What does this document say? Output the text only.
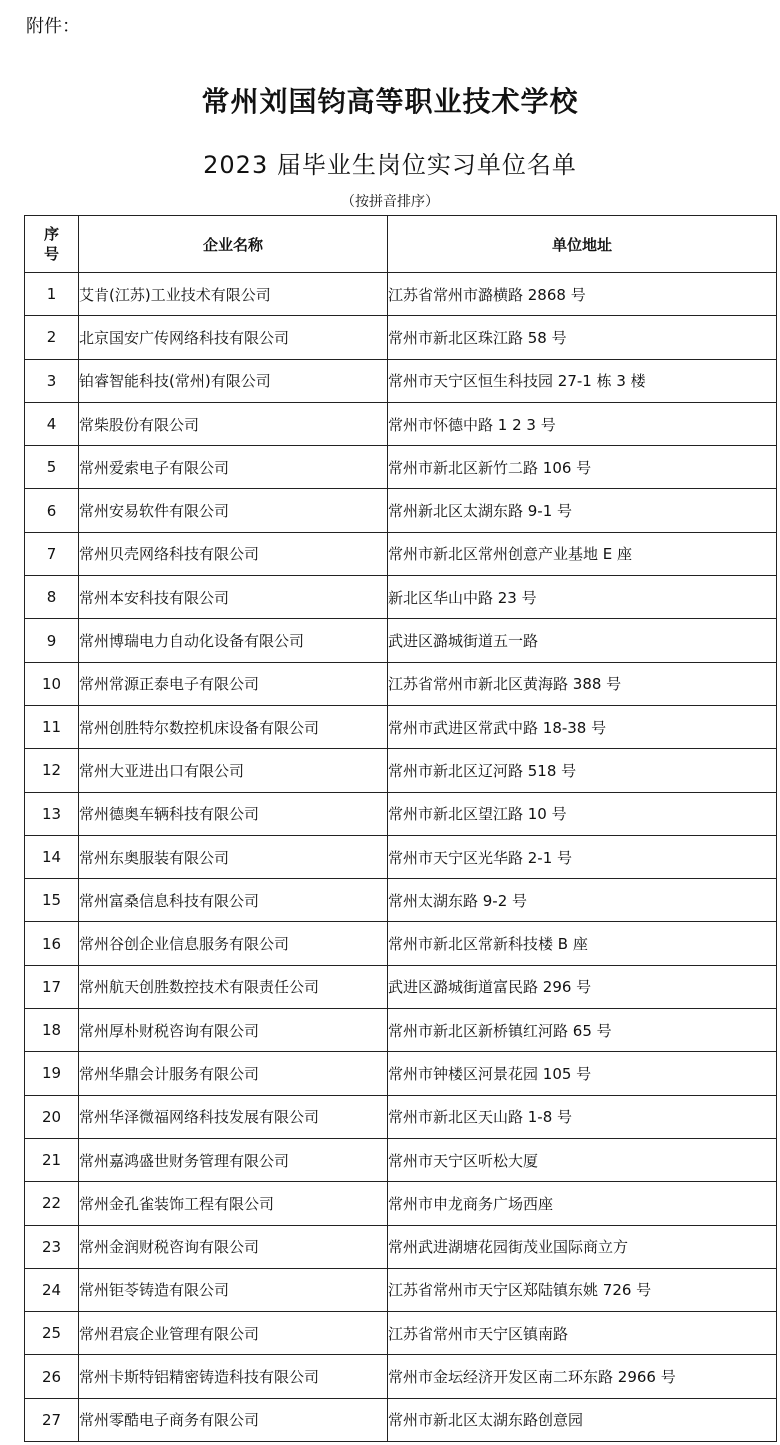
附件：
常州刘国钧高等职业技术学校
2023 届毕业生岗位实习单位名单
（按拼音排序）
序
号	企业名称	单位地址
1	艾肯(江苏)工业技术有限公司	江苏省常州市潞横路 2868 号
2	北京国安广传网络科技有限公司	常州市新北区珠江路 58 号
3	铂睿智能科技(常州)有限公司	常州市天宁区恒生科技园 27-1 栋 3 楼
4	常柴股份有限公司	常州市怀德中路 1 2 3 号
5	常州爱索电子有限公司	常州市新北区新竹二路 106 号
6	常州安易软件有限公司	常州新北区太湖东路 9-1 号
7	常州贝壳网络科技有限公司	常州市新北区常州创意产业基地 E 座
8	常州本安科技有限公司	新北区华山中路 23 号
9	常州博瑞电力自动化设备有限公司	武进区潞城街道五一路
10	常州常源正泰电子有限公司	江苏省常州市新北区黄海路 388 号
11	常州创胜特尔数控机床设备有限公司	常州市武进区常武中路 18-38 号
12	常州大亚进出口有限公司	常州市新北区辽河路 518 号
13	常州德奥车辆科技有限公司	常州市新北区望江路 10 号
14	常州东奥服装有限公司	常州市天宁区光华路 2-1 号
15	常州富桑信息科技有限公司	常州太湖东路 9-2 号
16	常州谷创企业信息服务有限公司	常州市新北区常新科技楼 B 座
17	常州航天创胜数控技术有限责任公司	武进区潞城街道富民路 296 号
18	常州厚朴财税咨询有限公司	常州市新北区新桥镇红河路 65 号
19	常州华鼎会计服务有限公司	常州市钟楼区河景花园 105 号
20	常州华泽微福网络科技发展有限公司	常州市新北区天山路 1-8 号
21	常州嘉鸿盛世财务管理有限公司	常州市天宁区听松大厦
22	常州金孔雀装饰工程有限公司	常州市申龙商务广场西座
23	常州金润财税咨询有限公司	常州武进湖塘花园街茂业国际商立方
24	常州钜苓铸造有限公司	江苏省常州市天宁区郑陆镇东姚 726 号
25	常州君宸企业管理有限公司	江苏省常州市天宁区镇南路
26	常州卡斯特铝精密铸造科技有限公司	常州市金坛经济开发区南二环东路 2966 号
27	常州零酷电子商务有限公司	常州市新北区太湖东路创意园
